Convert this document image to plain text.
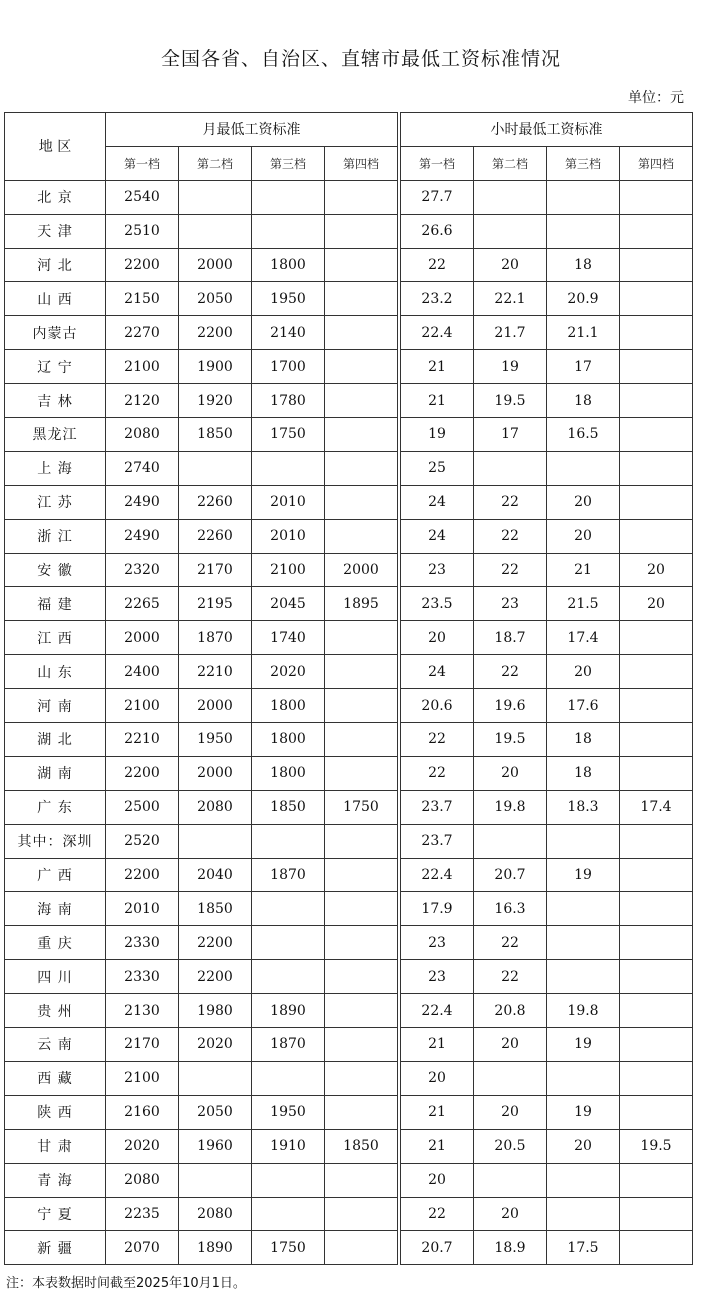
全国各省、自治区、直辖市最低工资标准情况
单位：元
地 区	月最低工资标准					小时最低工资标准			
	第一档	第二档	第三档	第四档		第一档	第二档	第三档	第四档
北 京	2540					27.7			
天 津	2510					26.6			
河 北	2200	2000	1800			22	20	18	
山 西	2150	2050	1950			23.2	22.1	20.9	
内蒙古	2270	2200	2140			22.4	21.7	21.1	
辽 宁	2100	1900	1700			21	19	17	
吉 林	2120	1920	1780			21	19.5	18	
黑龙江	2080	1850	1750			19	17	16.5	
上 海	2740					25			
江 苏	2490	2260	2010			24	22	20	
浙 江	2490	2260	2010			24	22	20	
安 徽	2320	2170	2100	2000		23	22	21	20
福 建	2265	2195	2045	1895		23.5	23	21.5	20
江 西	2000	1870	1740			20	18.7	17.4	
山 东	2400	2210	2020			24	22	20	
河 南	2100	2000	1800			20.6	19.6	17.6	
湖 北	2210	1950	1800			22	19.5	18	
湖 南	2200	2000	1800			22	20	18	
广 东	2500	2080	1850	1750		23.7	19.8	18.3	17.4
其中：深圳	2520					23.7			
广 西	2200	2040	1870			22.4	20.7	19	
海 南	2010	1850				17.9	16.3		
重 庆	2330	2200				23	22		
四 川	2330	2200				23	22		
贵 州	2130	1980	1890			22.4	20.8	19.8	
云 南	2170	2020	1870			21	20	19	
西 藏	2100					20			
陕 西	2160	2050	1950			21	20	19	
甘 肃	2020	1960	1910	1850		21	20.5	20	19.5
青 海	2080					20			
宁 夏	2235	2080				22	20		
新 疆	2070	1890	1750			20.7	18.9	17.5	
注：本表数据时间截至2025年10月1日。
